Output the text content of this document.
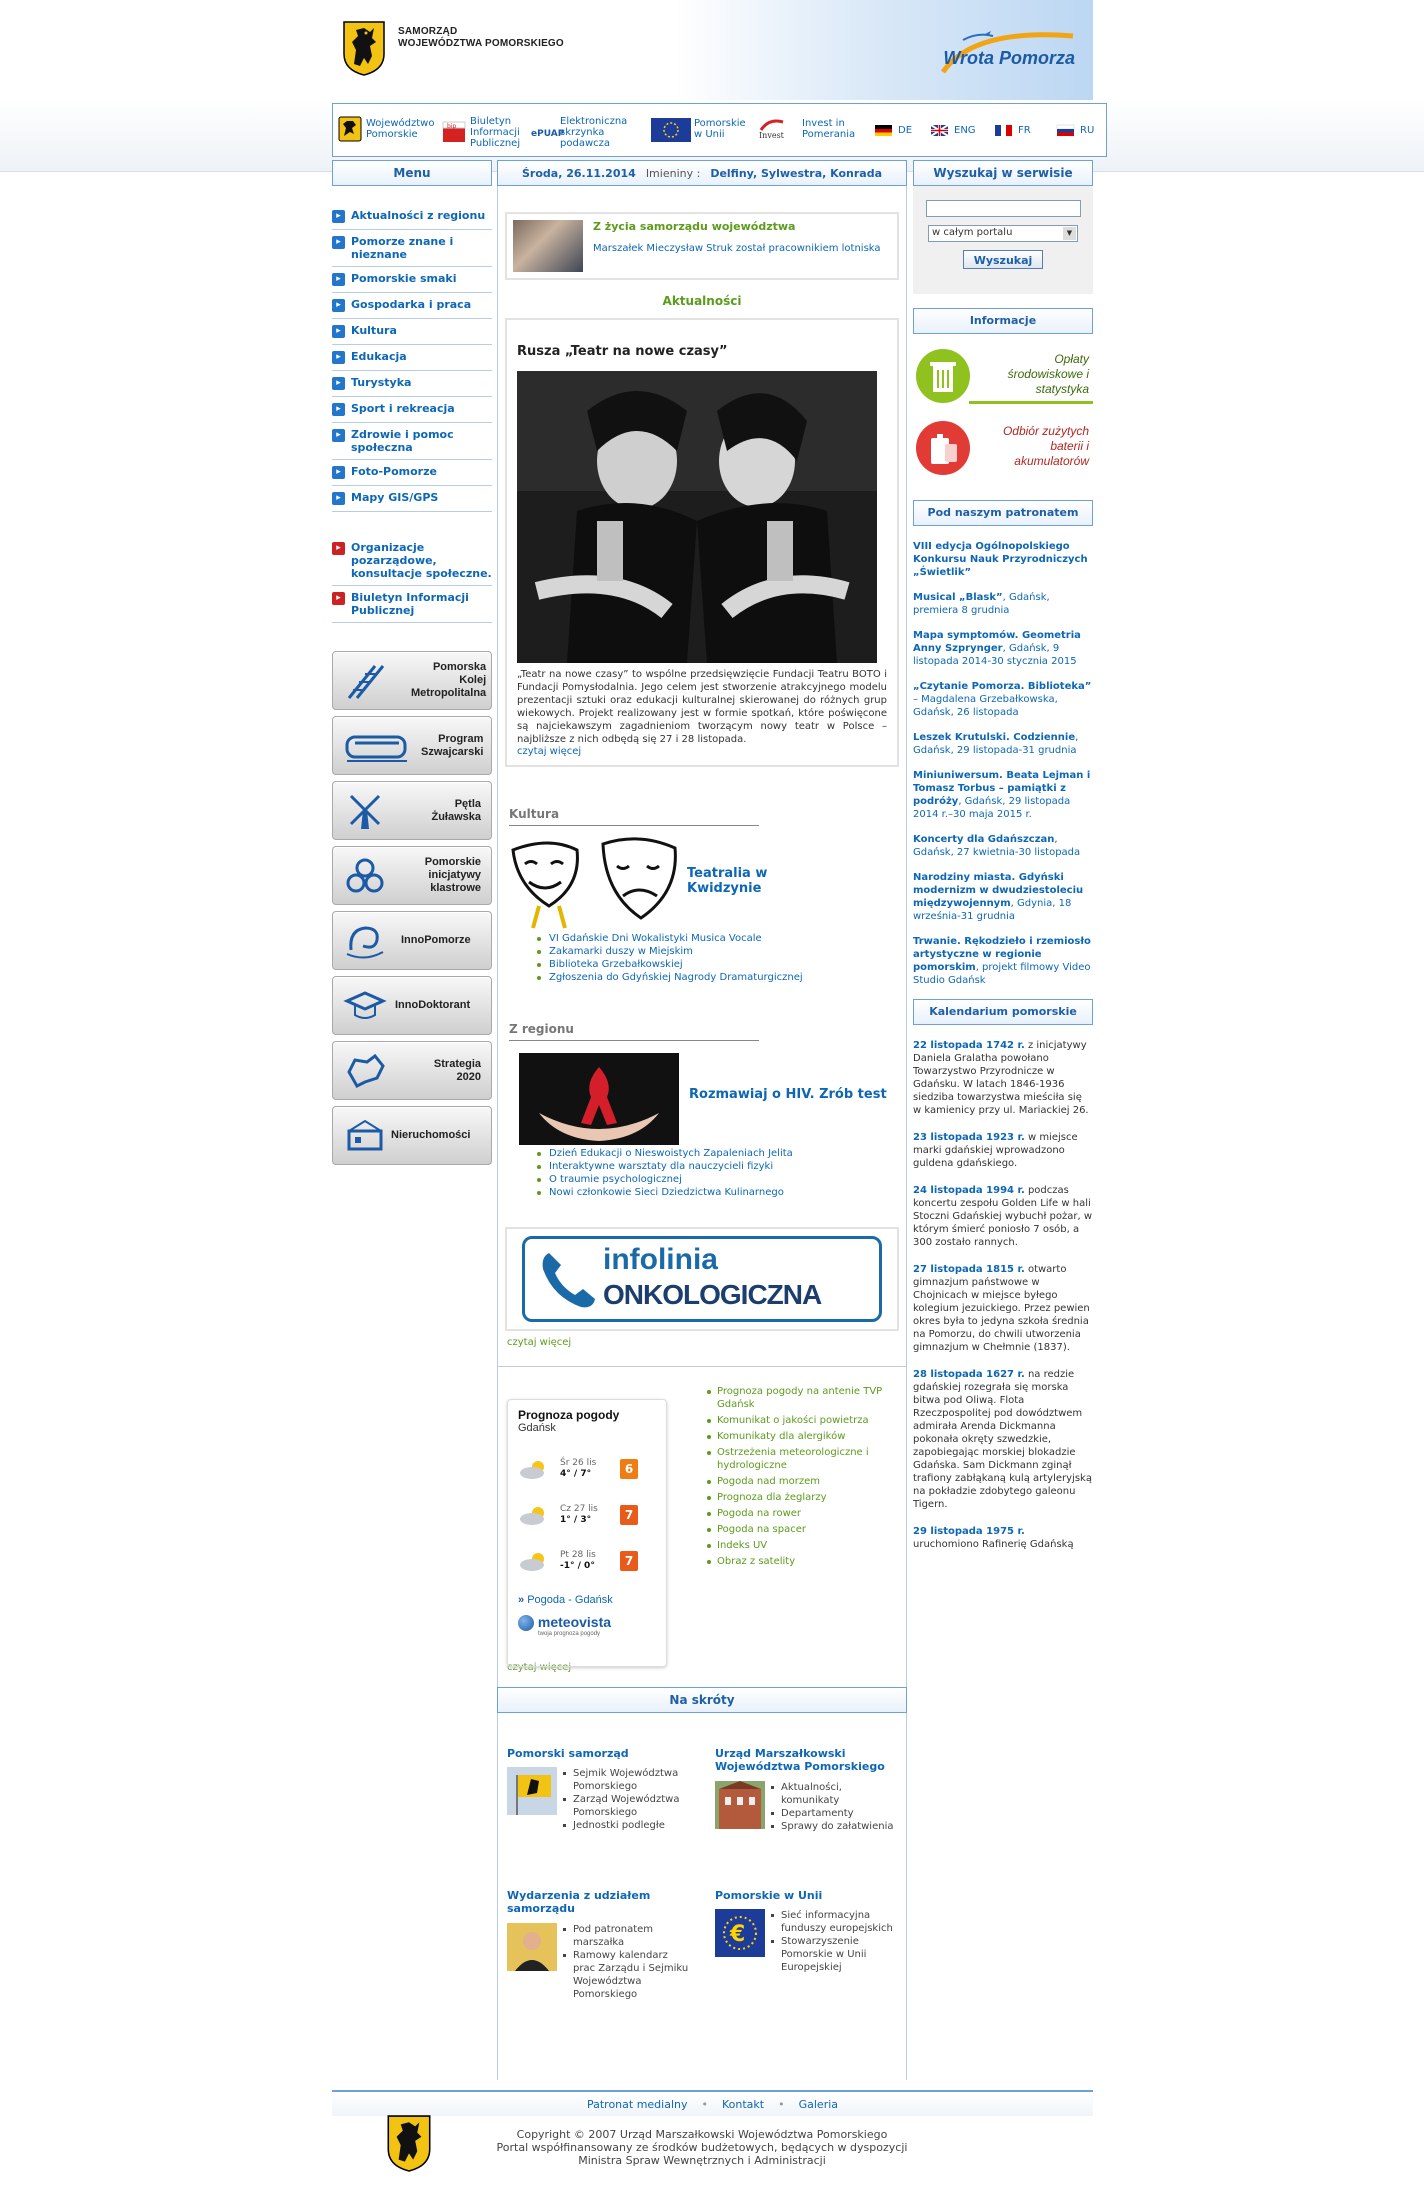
SAMORZĄD
WOJEWÓDZTWA POMORSKIEGO
Wrota Pomorza
Województwo Pomorskie
bip Biuletyn Informacji Publicznej
ePUAP
Elektroniczna skrzynka podawcza
Pomorskie w Unii	Invest
Invest in Pomerania	DE	ENG	FR	RU
Menu
▸ Aktualności z regionu
▸ Pomorze znane i nieznane
▸ Pomorskie smaki
▸ Gospodarka i praca
▸ Kultura
▸ Edukacja
▸ Turystyka
▸ Sport i rekreacja
▸ Zdrowie i pomoc społeczna
▸ Foto-Pomorze
▸ Mapy GIS/GPS
▸ Organizacje pozarządowe, konsultacje społeczne.
▸ Biuletyn Informacji Publicznej
Pomorska Kolej Metropolitalna
Program Szwajcarski
Pętla Żuławska
Pomorskie inicjatywy klastrowe
InnoPomorze
InnoDoktorant
Strategia 2020
Nieruchomości
Środa, 26.11.2014 Imieniny : Delfiny, Sylwestra, Konrada
Z życia samorządu województwa
Marszałek Mieczysław Struk został pracownikiem lotniska
Aktualności
Rusza „Teatr na nowe czasy”
„Teatr na nowe czasy” to wspólne przedsięwzięcie Fundacji Teatru BOTO i Fundacji Pomysłodalnia. Jego celem jest stworzenie atrakcyjnego modelu prezentacji sztuki oraz edukacji kulturalnej skierowanej do różnych grup wiekowych. Projekt realizowany jest w formie spotkań, które poświęcone są najciekawszym zagadnieniom tworzącym nowy teatr w Polsce – najbliższe z nich odbędą się 27 i 28 listopada.
czytaj więcej
Kultura
Teatralia w Kwidzynie
VI Gdańskie Dni Wokalistyki Musica Vocale
Zakamarki duszy w Miejskim
Biblioteka Grzebałkowskiej
Zgłoszenia do Gdyńskiej Nagrody Dramaturgicznej
Z regionu
Rozmawiaj o HIV. Zrób test
Dzień Edukacji o Nieswoistych Zapaleniach Jelita
Interaktywne warsztaty dla nauczycieli fizyki
O traumie psychologicznej
Nowi członkowie Sieci Dziedzictwa Kulinarnego
infolinia
ONKOLOGICZNA
czytaj więcej
Prognoza pogody
Gdańsk
Śr 26 lis
4° / 7°	6
Cz 27 lis
1° / 3°	7
Pt 28 lis
-1° / 0°	7
» Pogoda - Gdańsk
meteovista
twoja prognoza pogody
Prognoza pogody na antenie TVP Gdańsk
Komunikat o jakości powietrza
Komunikaty dla alergików
Ostrzeżenia meteorologiczne i hydrologiczne
Pogoda nad morzem
Prognoza dla żeglarzy
Pogoda na rower
Pogoda na spacer
Indeks UV
Obraz z satelity
czytaj więcej
Na skróty
Pomorski samorząd
Sejmik Województwa Pomorskiego
Zarząd Województwa Pomorskiego
Jednostki podległe
Urząd Marszałkowski Województwa Pomorskiego
Aktualności, komunikaty
Departamenty
Sprawy do załatwienia
Wydarzenia z udziałem samorządu
Pod patronatem marszałka
Ramowy kalendarz prac Zarządu i Sejmiku Województwa Pomorskiego
Pomorskie w Unii
€
Sieć informacyjna funduszy europejskich
Stowarzyszenie Pomorskie w Unii Europejskiej
Wyszukaj w serwisie
w całym portalu ▼
Wyszukaj
Informacje
Opłaty środowiskowe i statystyka
Odbiór zużytych baterii i akumulatorów
Pod naszym patronatem
VIII edycja Ogólnopolskiego Konkursu Nauk Przyrodniczych „Świetlik”
Musical „Blask”, Gdańsk, premiera 8 grudnia
Mapa symptomów. Geometria Anny Szprynger, Gdańsk, 9 listopada 2014-30 stycznia 2015
„Czytanie Pomorza. Biblioteka” – Magdalena Grzebałkowska, Gdańsk, 26 listopada
Leszek Krutulski. Codziennie, Gdańsk, 29 listopada-31 grudnia
Miniuniwersum. Beata Lejman i Tomasz Torbus – pamiątki z podróży, Gdańsk, 29 listopada 2014 r.–30 maja 2015 r.
Koncerty dla Gdańszczan, Gdańsk, 27 kwietnia-30 listopada
Narodziny miasta. Gdyński modernizm w dwudziestoleciu międzywojennym, Gdynia, 18 września-31 grudnia
Trwanie. Rękodzieło i rzemiosło artystyczne w regionie pomorskim, projekt filmowy Video Studio Gdańsk
Kalendarium pomorskie
22 listopada 1742 r. z inicjatywy Daniela Gralatha powołano Towarzystwo Przyrodnicze w Gdańsku. W latach 1846-1936 siedziba towarzystwa mieściła się w kamienicy przy ul. Mariackiej 26.
23 listopada 1923 r. w miejsce marki gdańskiej wprowadzono guldena gdańskiego.
24 listopada 1994 r. podczas koncertu zespołu Golden Life w hali Stoczni Gdańskiej wybuchł pożar, w którym śmierć poniosło 7 osób, a 300 zostało rannych.
27 listopada 1815 r. otwarto gimnazjum państwowe w Chojnicach w miejsce byłego kolegium jezuickiego. Przez pewien okres była to jedyna szkoła średnia na Pomorzu, do chwili utworzenia gimnazjum w Chełmnie (1837).
28 listopada 1627 r. na redzie gdańskiej rozegrała się morska bitwa pod Oliwą. Flota Rzeczpospolitej pod dowództwem admirała Arenda Dickmanna pokonała okręty szwedzkie, zapobiegając morskiej blokadzie Gdańska. Sam Dickmann zginął trafiony zabłąkaną kulą artyleryjską na pokładzie zdobytego galeonu Tigern.
29 listopada 1975 r. uruchomiono Rafinerię Gdańską
Patronat medialny • Kontakt • Galeria
Copyright © 2007 Urząd Marszałkowski Województwa Pomorskiego
Portal współfinansowany ze środków budżetowych, będących w dyspozycji
Ministra Spraw Wewnętrznych i Administracji
